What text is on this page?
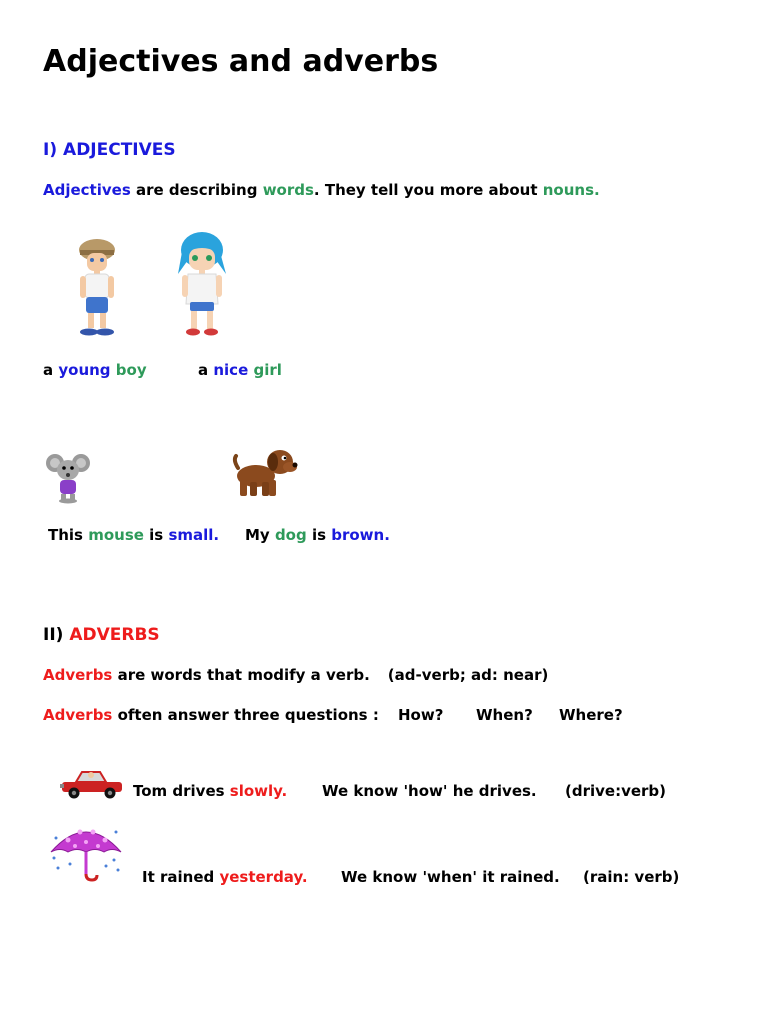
Adjectives and adverbs
I) ADJECTIVES
Adjectives are describing words. They tell you more about nouns.
a young boy	a nice girl
This mouse is small. My dog is brown.
II) ADVERBS
Adverbs are words that modify a verb. (ad-verb; ad: near)
Adverbs often answer three questions : How? When? Where?
Tom drives slowly. We know 'how' he drives. (drive:verb)
It rained yesterday. We know 'when' it rained. (rain: verb)
